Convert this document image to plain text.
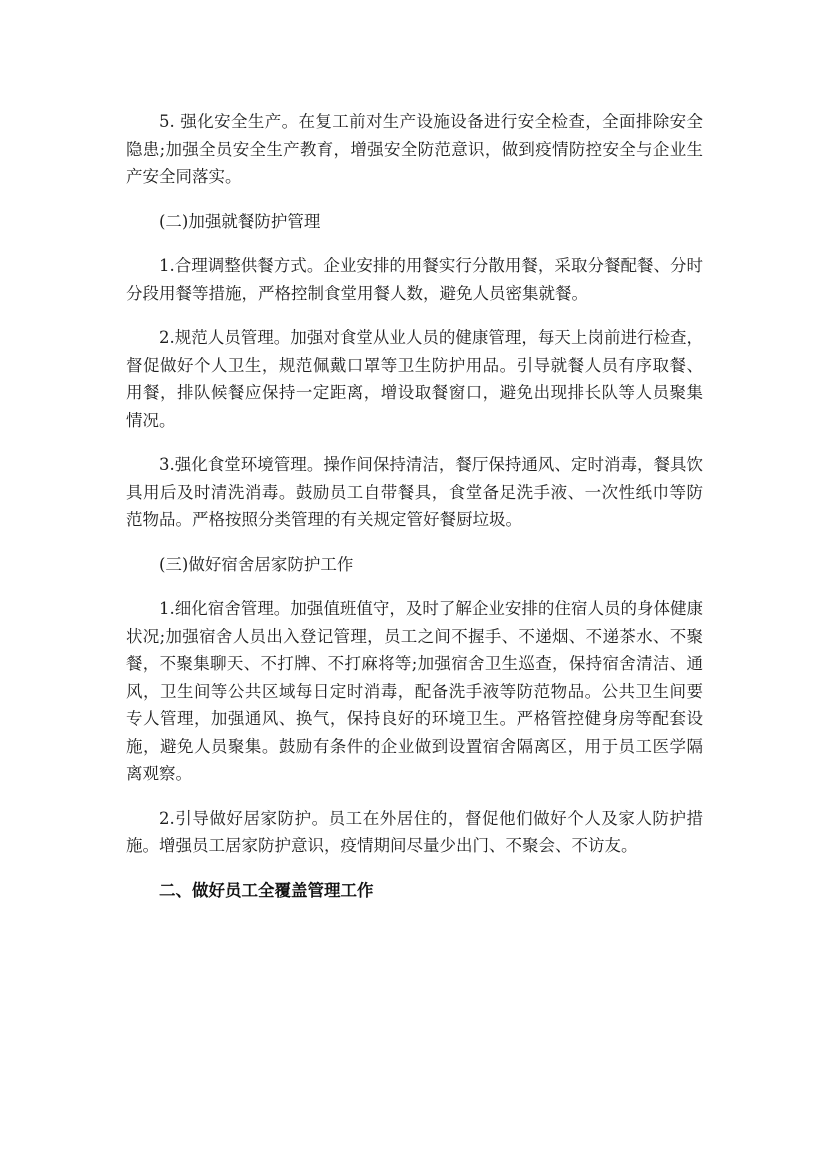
5. 强化安全生产。在复工前对生产设施设备进行安全检查，全面排除安全隐患;加强全员安全生产教育，增强安全防范意识，做到疫情防控安全与企业生产安全同落实。

(二)加强就餐防护管理

1.合理调整供餐方式。企业安排的用餐实行分散用餐，采取分餐配餐、分时分段用餐等措施，严格控制食堂用餐人数，避免人员密集就餐。

2.规范人员管理。加强对食堂从业人员的健康管理，每天上岗前进行检查，督促做好个人卫生，规范佩戴口罩等卫生防护用品。引导就餐人员有序取餐、用餐，排队候餐应保持一定距离，增设取餐窗口，避免出现排长队等人员聚集情况。

3.强化食堂环境管理。操作间保持清洁，餐厅保持通风、定时消毒，餐具饮具用后及时清洗消毒。鼓励员工自带餐具，食堂备足洗手液、一次性纸巾等防范物品。严格按照分类管理的有关规定管好餐厨垃圾。

(三)做好宿舍居家防护工作

1.细化宿舍管理。加强值班值守，及时了解企业安排的住宿人员的身体健康状况;加强宿舍人员出入登记管理，员工之间不握手、不递烟、不递茶水、不聚餐，不聚集聊天、不打牌、不打麻将等;加强宿舍卫生巡查，保持宿舍清洁、通风，卫生间等公共区域每日定时消毒，配备洗手液等防范物品。公共卫生间要专人管理，加强通风、换气，保持良好的环境卫生。严格管控健身房等配套设施，避免人员聚集。鼓励有条件的企业做到设置宿舍隔离区，用于员工医学隔离观察。

2.引导做好居家防护。员工在外居住的，督促他们做好个人及家人防护措施。增强员工居家防护意识，疫情期间尽量少出门、不聚会、不访友。

二、做好员工全覆盖管理工作
